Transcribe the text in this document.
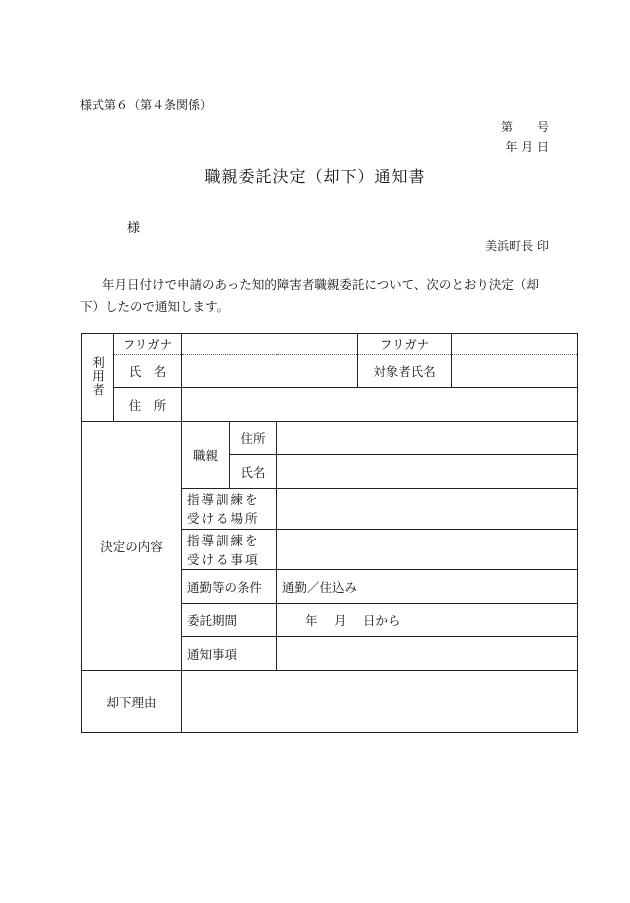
様式第６（第４条関係）
第　　号
年 月 日
職親委託決定（却下）通知書
様
美浜町長 印
年月日付けで申請のあった知的障害者職親委託について、次のとおり決定（却下）したので通知します。
利用者	フリガナ				フリガナ	
	氏　名				対象者氏名	
	住　所					
決定の内容		職親	住所			
			氏名			
		指導訓練を受ける場所				
		指導訓練を受ける事項				
		通勤等の条件		通勤／住込み		
		委託期間		年　 月　 日から		
		通知事項				
却下理由						
